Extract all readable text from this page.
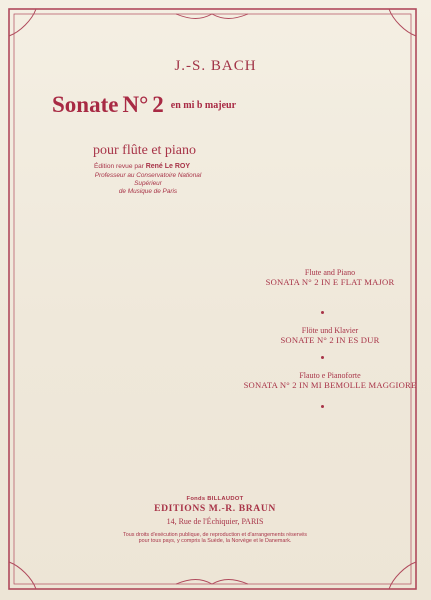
J.-S. BACH
Sonate N° 2 $^{en mi b majeur}$
pour flûte et piano
Édition revue par René Le ROY
Professeur au Conservatoire National Supérieur
de Musique de Paris
Flute and Piano
SONATA N° 2 IN E FLAT MAJOR
Flöte und Klavier
SONATE N° 2 IN ES DUR
Flauto e Pianoforte
SONATA N° 2 IN MI BEMOLLE MAGGIORE
Fonds BILLAUDOT
EDITIONS M.-R. BRAUN
14, Rue de l'Échiquier, PARIS
Tous droits d'exécution publique, de reproduction et d'arrangements réservés
pour tous pays, y compris la Suède, la Norvège et le Danemark.
